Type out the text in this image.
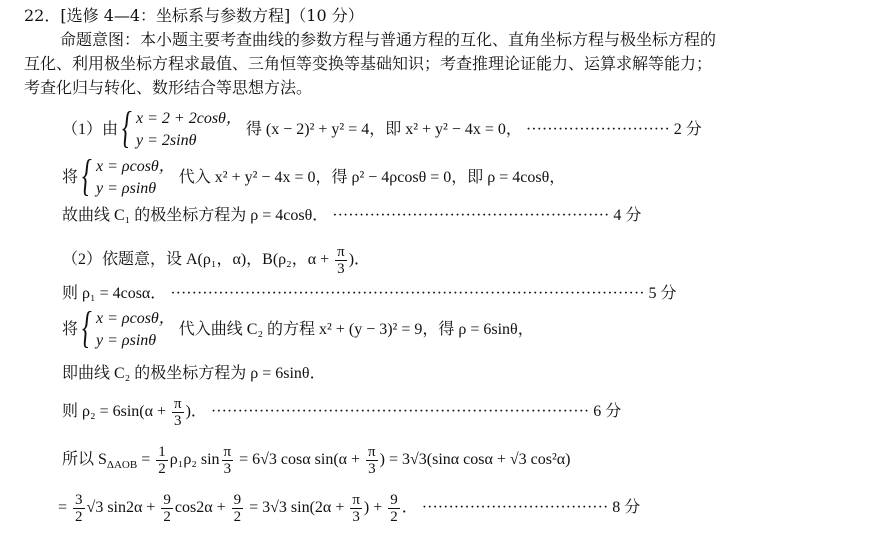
22．[选修 4—4：坐标系与参数方程]（10 分）
命题意图：本小题主要考查曲线的参数方程与普通方程的互化、直角坐标方程与极坐标方程的
互化、利用极坐标方程求最值、三角恒等变换等基础知识；考查推理论证能力、运算求解等能力；
考查化归与转化、数形结合等思想方法。
（1）由 { x = 2 + 2cosθ，
y = 2sinθ
得 (x − 2)² + y² = 4，即 x² + y² − 4x = 0， ··························· 2 分
将 { x = ρcosθ，
y = ρsinθ
代入 x² + y² − 4x = 0，得 ρ² − 4ρcosθ = 0，即 ρ = 4cosθ，
故曲线 C₁ 的极坐标方程为 ρ = 4cosθ． ···················································· 4 分
（2）依题意，设 A(ρ₁，α)，B(ρ₂，$\alpha + \frac{\pi}{3}$ )．
则 ρ₁ = 4cosα． ························································································· 5 分
将 { x = ρcosθ，
y = ρsinθ
代入曲线 C₂ 的方程 x² + (y − 3)² = 9，得 ρ = 6sinθ，
即曲线 C₂ 的极坐标方程为 ρ = 6sinθ．
则 $\rho_2 = 6\sin(\alpha + \frac{\pi}{3}$ )． ······································································· 6 分
所以 $S_{\Delta AOB} = \frac{1}{2} \rho_1\rho_2$ $\sin \frac{\pi}{3} = 6√3$ cosα $\sin(\alpha + \frac{\pi}{3}$ ) = 3√3(sinα cosα + √3 cos²α)
= $\frac{3}{2} √3$ $\sin 2\alpha + \frac{9}{2} \cos 2\alpha + \frac{9}{2} = 3√3$ $\sin(2\alpha + \frac{\pi}{3}$ ) + $\frac{9}{2}$ ． ··································· 8 分
